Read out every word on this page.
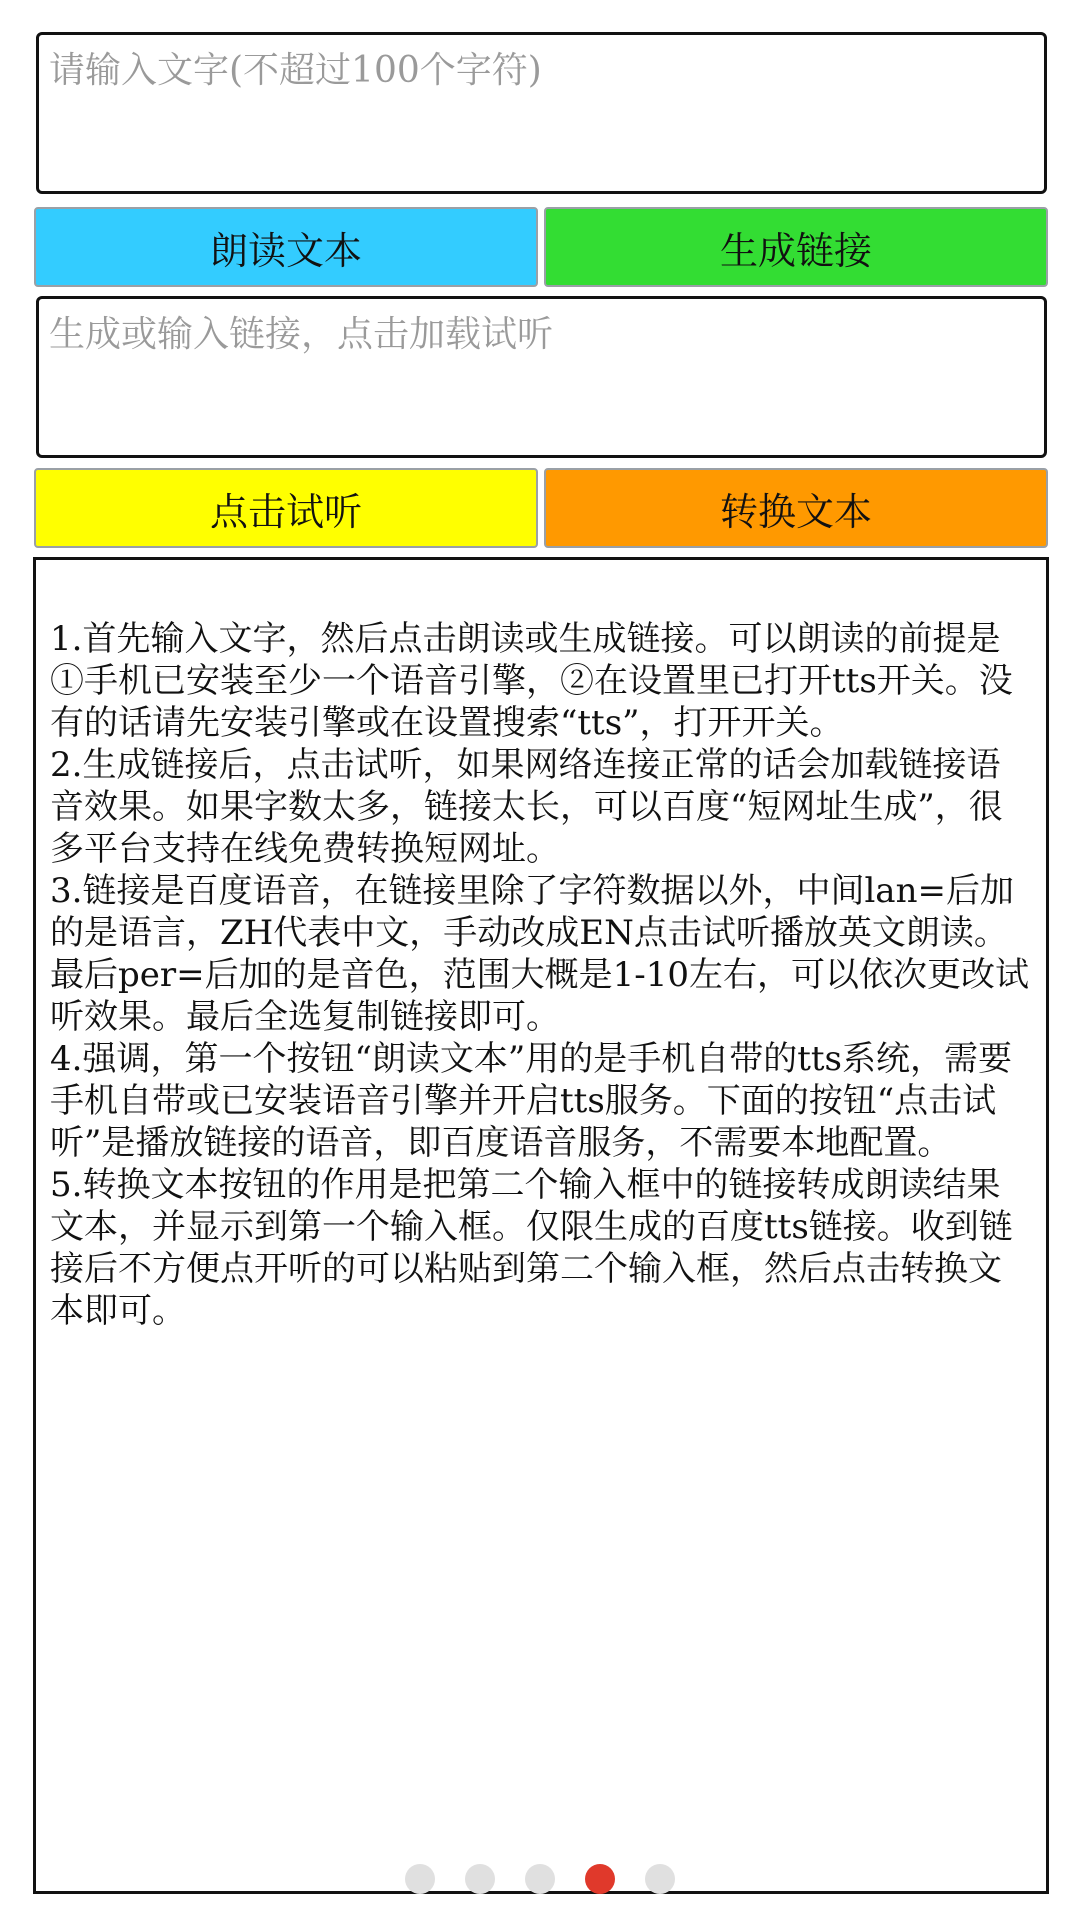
请输入文字(不超过100个字符)
朗读文本	生成链接
生成或输入链接，点击加载试听
点击试听	转换文本

1.首先输入文字，然后点击朗读或生成链接。可以朗读的前提是①手机已安装至少一个语音引擎，②在设置里已打开tts开关。没有的话请先安装引擎或在设置搜索“tts”，打开开关。

2.生成链接后，点击试听，如果网络连接正常的话会加载链接语音效果。如果字数太多，链接太长，可以百度“短网址生成”，很多平台支持在线免费转换短网址。

3.链接是百度语音，在链接里除了字符数据以外，中间lan=后加的是语言，ZH代表中文，手动改成EN点击试听播放英文朗读。最后per=后加的是音色，范围大概是1-10左右，可以依次更改试听效果。最后全选复制链接即可。

4.强调，第一个按钮“朗读文本”用的是手机自带的tts系统，需要手机自带或已安装语音引擎并开启tts服务。下面的按钮“点击试听”是播放链接的语音，即百度语音服务，不需要本地配置。

5.转换文本按钮的作用是把第二个输入框中的链接转成朗读结果文本，并显示到第一个输入框。仅限生成的百度tts链接。收到链接后不方便点开听的可以粘贴到第二个输入框，然后点击转换文本即可。
